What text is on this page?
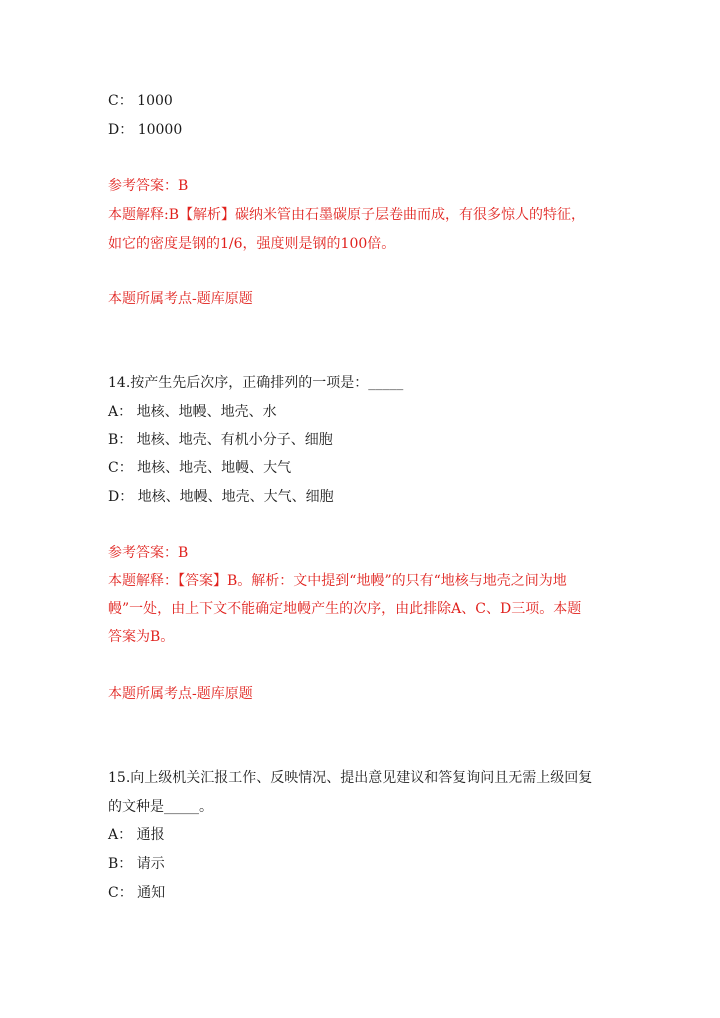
C： 1000
D： 10000
参考答案：B
本题解释:B【解析】碳纳米管由石墨碳原子层卷曲而成，有很多惊人的特征，
如它的密度是钢的1/6，强度则是钢的100倍。
本题所属考点-题库原题
14.按产生先后次序，正确排列的一项是：_____
A： 地核、地幔、地壳、水
B： 地核、地壳、有机小分子、细胞
C： 地核、地壳、地幔、大气
D： 地核、地幔、地壳、大气、细胞
参考答案：B
本题解释：【答案】B。解析：文中提到“地幔”的只有“地核与地壳之间为地
幔”一处，由上下文不能确定地幔产生的次序，由此排除A、C、D三项。本题
答案为B。
本题所属考点-题库原题
15.向上级机关汇报工作、反映情况、提出意见建议和答复询问且无需上级回复
的文种是_____。
A： 通报
B： 请示
C： 通知
